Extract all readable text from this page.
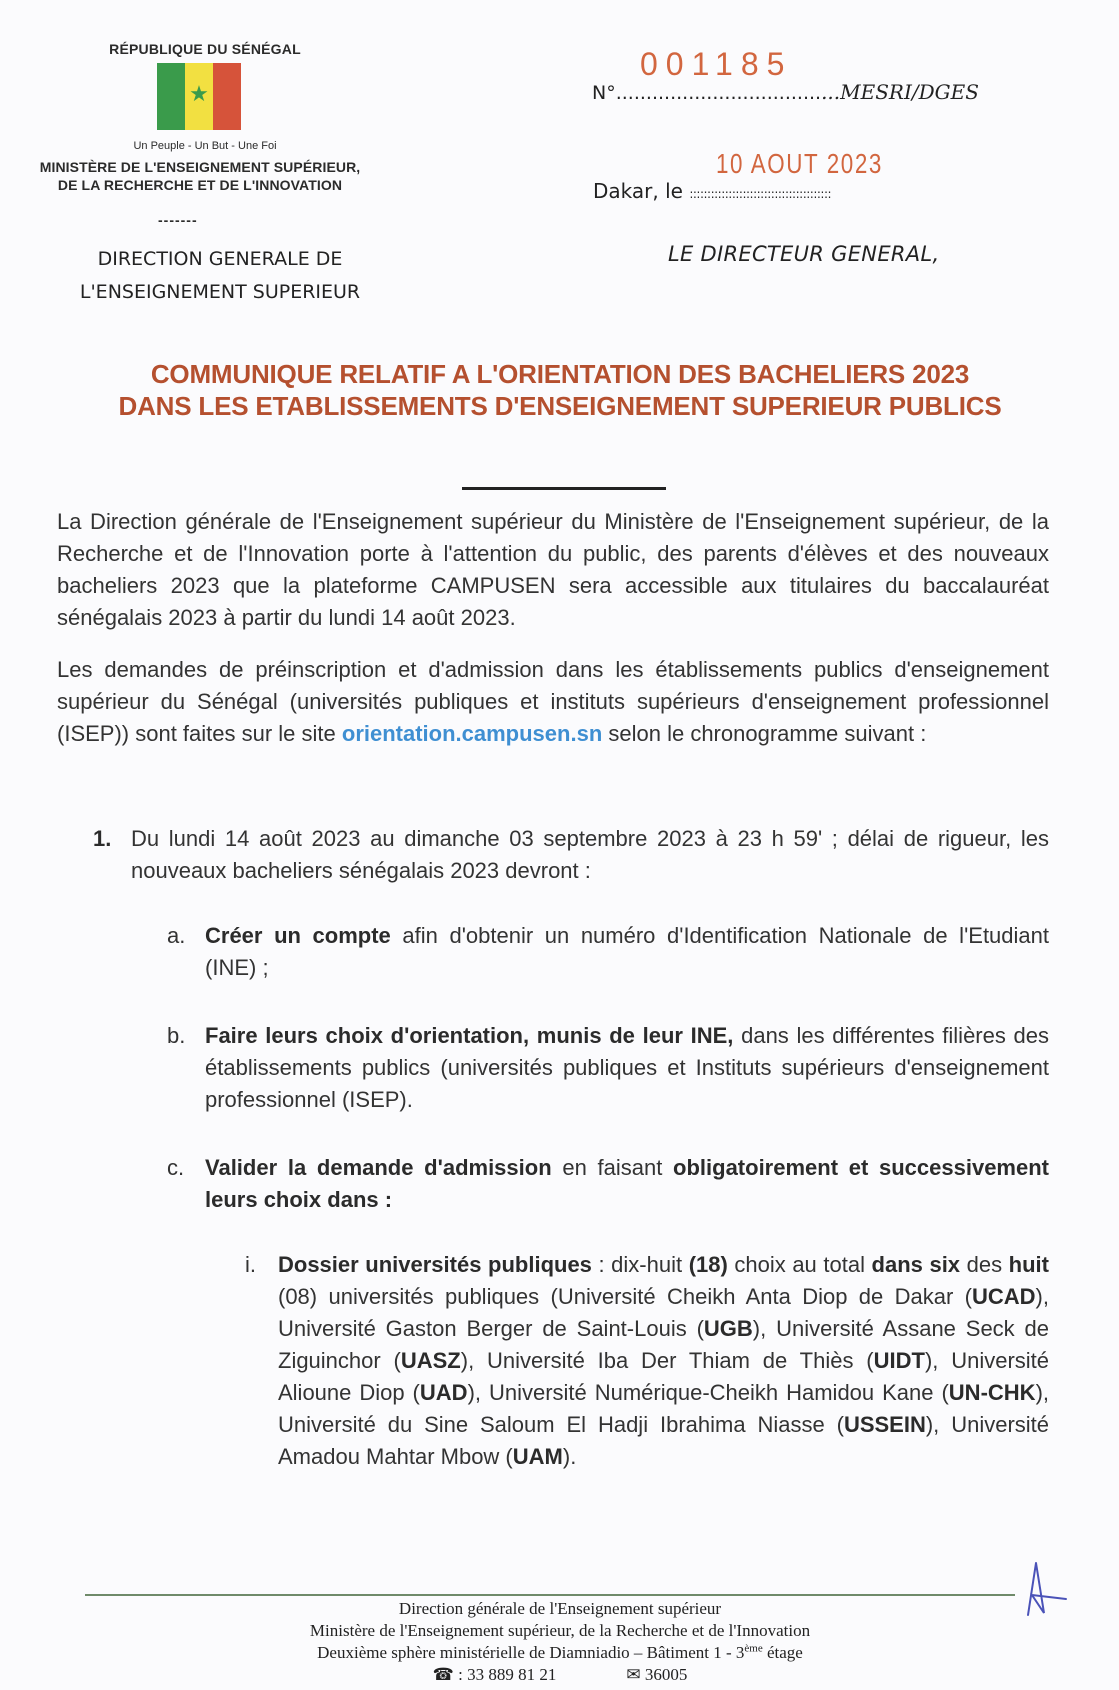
RÉPUBLIQUE DU SÉNÉGAL
★
Un Peuple - Un But - Une Foi
MINISTÈRE DE L'ENSEIGNEMENT SUPÉRIEUR,
DE LA RECHERCHE ET DE L'INNOVATION
-------
DIRECTION GENERALE DE
L'ENSEIGNEMENT SUPERIEUR
001185
N°.....................................MESRI/DGES
10 AOUT 2023
Dakar, le ::::::::::::::::::::::::::::::::::::::::
LE DIRECTEUR GENERAL,
COMMUNIQUE RELATIF A L'ORIENTATION DES BACHELIERS 2023
DANS LES ETABLISSEMENTS D'ENSEIGNEMENT SUPERIEUR PUBLICS
La Direction générale de l'Enseignement supérieur du Ministère de l'Enseignement supérieur, de la Recherche et de l'Innovation porte à l'attention du public, des parents d'élèves et des nouveaux bacheliers 2023 que la plateforme CAMPUSEN sera accessible aux titulaires du baccalauréat sénégalais 2023 à partir du lundi 14 août 2023.
Les demandes de préinscription et d'admission dans les établissements publics d'enseignement supérieur du Sénégal (universités publiques et instituts supérieurs d'enseignement professionnel (ISEP)) sont faites sur le site orientation.campusen.sn selon le chronogramme suivant :
1. Du lundi 14 août 2023 au dimanche 03 septembre 2023 à 23 h 59' ; délai de rigueur, les nouveaux bacheliers sénégalais 2023 devront :
a. Créer un compte afin d'obtenir un numéro d'Identification Nationale de l'Etudiant (INE) ;
b. Faire leurs choix d'orientation, munis de leur INE, dans les différentes filières des établissements publics (universités publiques et Instituts supérieurs d'enseignement professionnel (ISEP).
c. Valider la demande d'admission en faisant obligatoirement et successivement leurs choix dans :
i. Dossier universités publiques : dix-huit (18) choix au total dans six des huit (08) universités publiques (Université Cheikh Anta Diop de Dakar (UCAD), Université Gaston Berger de Saint-Louis (UGB), Université Assane Seck de Ziguinchor (UASZ), Université Iba Der Thiam de Thiès (UIDT), Université Alioune Diop (UAD), Université Numérique-Cheikh Hamidou Kane (UN-CHK), Université du Sine Saloum El Hadji Ibrahima Niasse (USSEIN), Université Amadou Mahtar Mbow (UAM).
Direction générale de l'Enseignement supérieur
Ministère de l'Enseignement supérieur, de la Recherche et de l'Innovation
Deuxième sphère ministérielle de Diamniadio – Bâtiment 1 - 3ème étage
☎ : 33 889 81 21	✉ 36005
